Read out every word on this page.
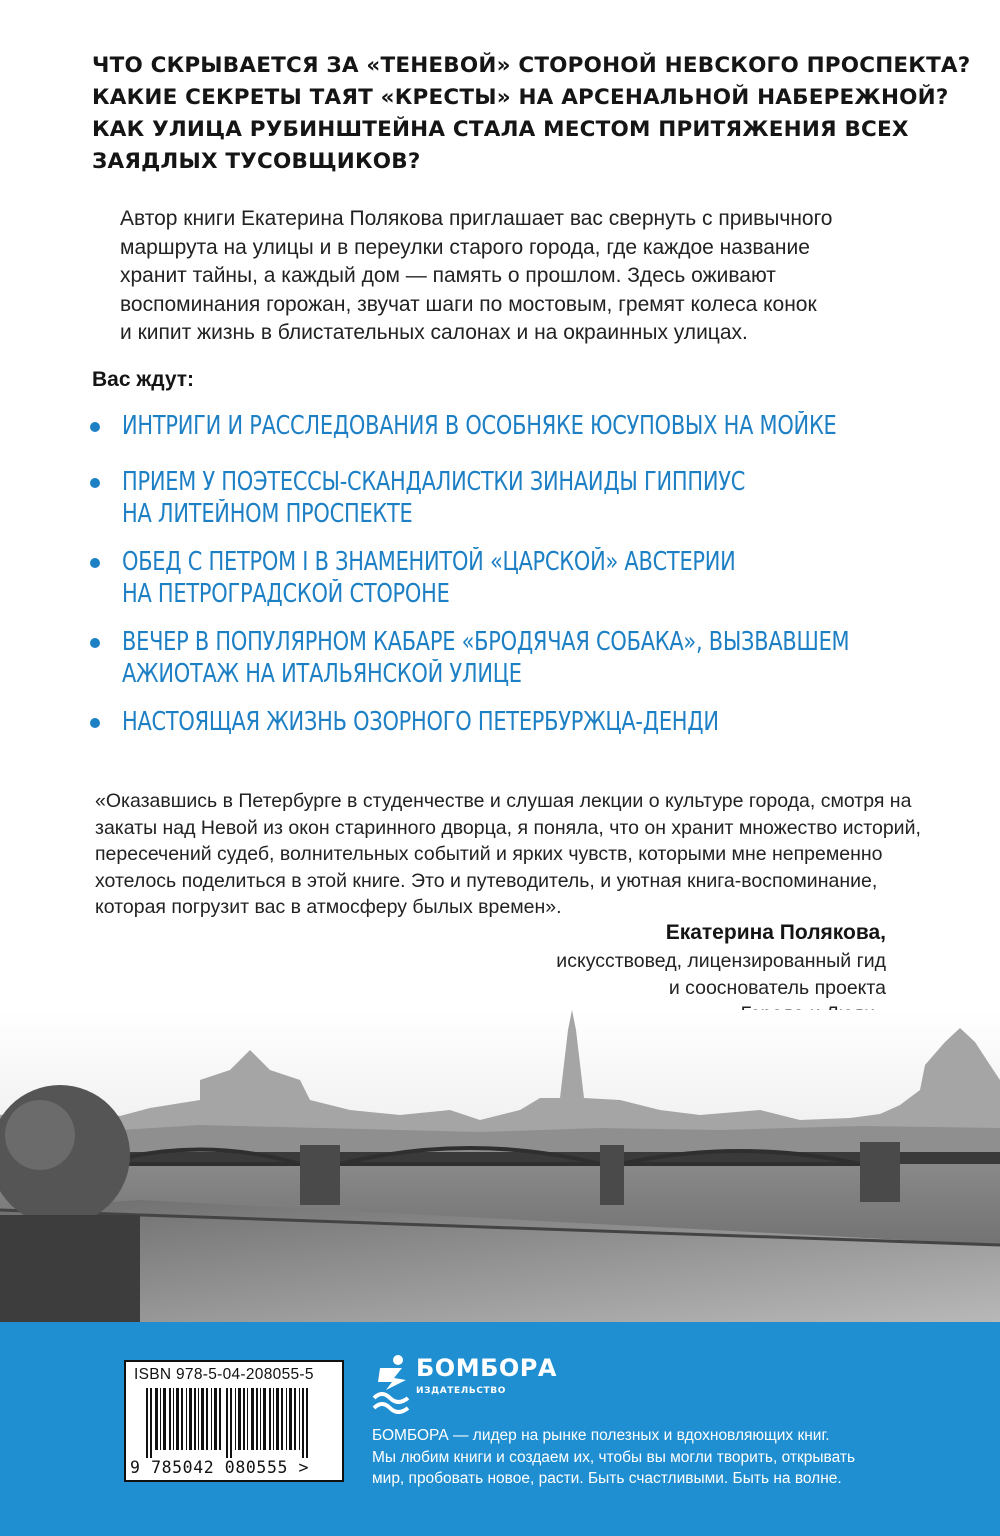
ЧТО СКРЫВАЕТСЯ ЗА «ТЕНЕВОЙ» СТОРОНОЙ НЕВСКОГО ПРОСПЕКТА?
КАКИЕ СЕКРЕТЫ ТАЯТ «КРЕСТЫ» НА АРСЕНАЛЬНОЙ НАБЕРЕЖНОЙ?
КАК УЛИЦА РУБИНШТЕЙНА СТАЛА МЕСТОМ ПРИТЯЖЕНИЯ ВСЕХ
ЗАЯДЛЫХ ТУСОВЩИКОВ?
Автор книги Екатерина Полякова приглашает вас свернуть с привычного
маршрута на улицы и в переулки старого города, где каждое название
хранит тайны, а каждый дом — память о прошлом. Здесь оживают
воспоминания горожан, звучат шаги по мостовым, гремят колеса конок
и кипит жизнь в блистательных салонах и на окраинных улицах.
Вас ждут:
ИНТРИГИ И РАССЛЕДОВАНИЯ В ОСОБНЯКЕ ЮСУПОВЫХ НА МОЙКЕ
ПРИЕМ У ПОЭТЕССЫ-СКАНДАЛИСТКИ ЗИНАИДЫ ГИППИУС
НА ЛИТЕЙНОМ ПРОСПЕКТЕ
ОБЕД С ПЕТРОМ I В ЗНАМЕНИТОЙ «ЦАРСКОЙ» АВСТЕРИИ
НА ПЕТРОГРАДСКОЙ СТОРОНЕ
ВЕЧЕР В ПОПУЛЯРНОМ КАБАРЕ «БРОДЯЧАЯ СОБАКА», ВЫЗВАВШЕМ
АЖИОТАЖ НА ИТАЛЬЯНСКОЙ УЛИЦЕ
НАСТОЯЩАЯ ЖИЗНЬ ОЗОРНОГО ПЕТЕРБУРЖЦА-ДЕНДИ
«Оказавшись в Петербурге в студенчестве и слушая лекции о культуре города, смотря на
закаты над Невой из окон старинного дворца, я поняла, что он хранит множество историй,
пересечений судеб, волнительных событий и ярких чувств, которыми мне непременно
хотелось поделиться в этой книге. Это и путеводитель, и уютная книга-воспоминание,
которая погрузит вас в атмосферу былых времен».
Екатерина Полякова,
искусствовед, лицензированный гид
и сооснователь проекта
ISBN 978-5-04-208055-5
9 785042 080555 >
БОМБОРА
ИЗДАТЕЛЬСТВО
БОМБОРА — лидер на рынке полезных и вдохновляющих книг.
Мы любим книги и создаем их, чтобы вы могли творить, открывать
мир, пробовать новое, расти. Быть счастливыми. Быть на волне.
